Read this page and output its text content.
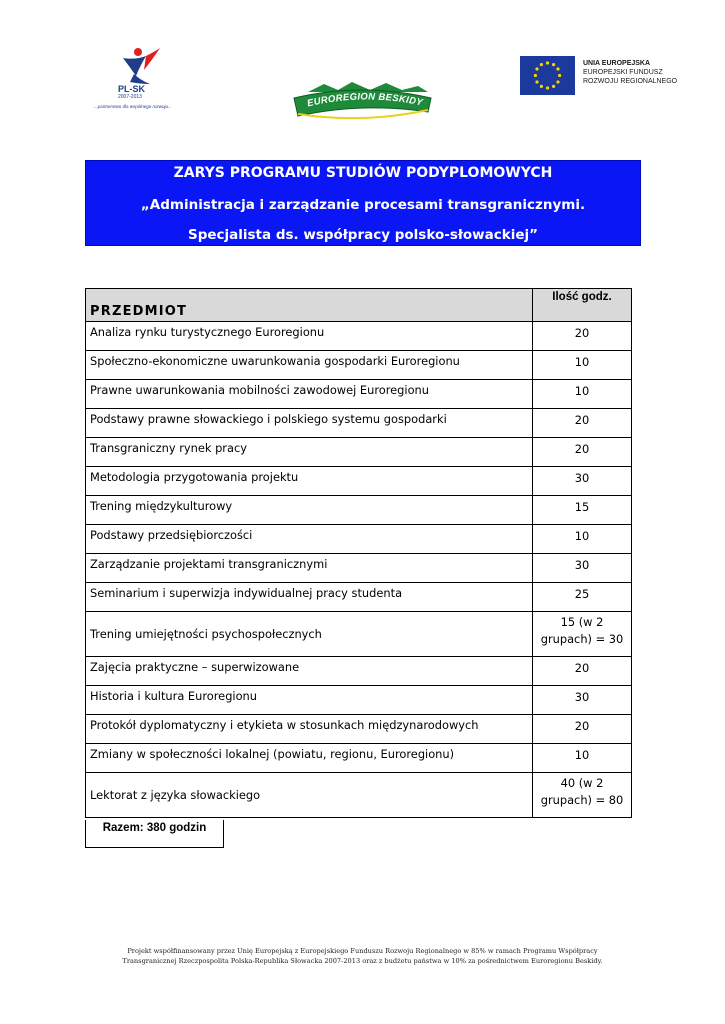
PL-SK
2007-2013
...partnerstwo dla wspólnego rozwoju...	EUROREGION BESKIDY
UNIA EUROPEJSKA
EUROPEJSKI FUNDUSZ
ROZWOJU REGIONALNEGO
ZARYS PROGRAMU STUDIÓW PODYPLOMOWYCH
„Administracja i zarządzanie procesami transgranicznymi.
Specjalista ds. współpracy polsko-słowackiej”
PRZEDMIOT	Ilość godz.
Analiza rynku turystycznego Euroregionu	20
Społeczno-ekonomiczne uwarunkowania gospodarki Euroregionu	10
Prawne uwarunkowania mobilności zawodowej Euroregionu	10
Podstawy prawne słowackiego i polskiego systemu gospodarki	20
Transgraniczny rynek pracy	20
Metodologia przygotowania projektu	30
Trening międzykulturowy	15
Podstawy przedsiębiorczości	10
Zarządzanie projektami transgranicznymi	30
Seminarium i superwizja indywidualnej pracy studenta	25
Trening umiejętności psychospołecznych	15 (w 2
grupach) = 30
Zajęcia praktyczne – superwizowane	20
Historia i kultura Euroregionu	30
Protokół dyplomatyczny i etykieta w stosunkach międzynarodowych	20
Zmiany w społeczności lokalnej (powiatu, regionu, Euroregionu)	10
Lektorat z języka słowackiego	40 (w 2
grupach) = 80
Razem: 380 godzin
Projekt współfinansowany przez Unię Europejską z Europejskiego Funduszu Rozwoju Regionalnego w 85% w ramach Programu Współpracy
Transgranicznej Rzeczpospolita Polska-Republika Słowacka 2007-2013 oraz z budżetu państwa w 10% za pośrednictwem Euroregionu Beskidy.
